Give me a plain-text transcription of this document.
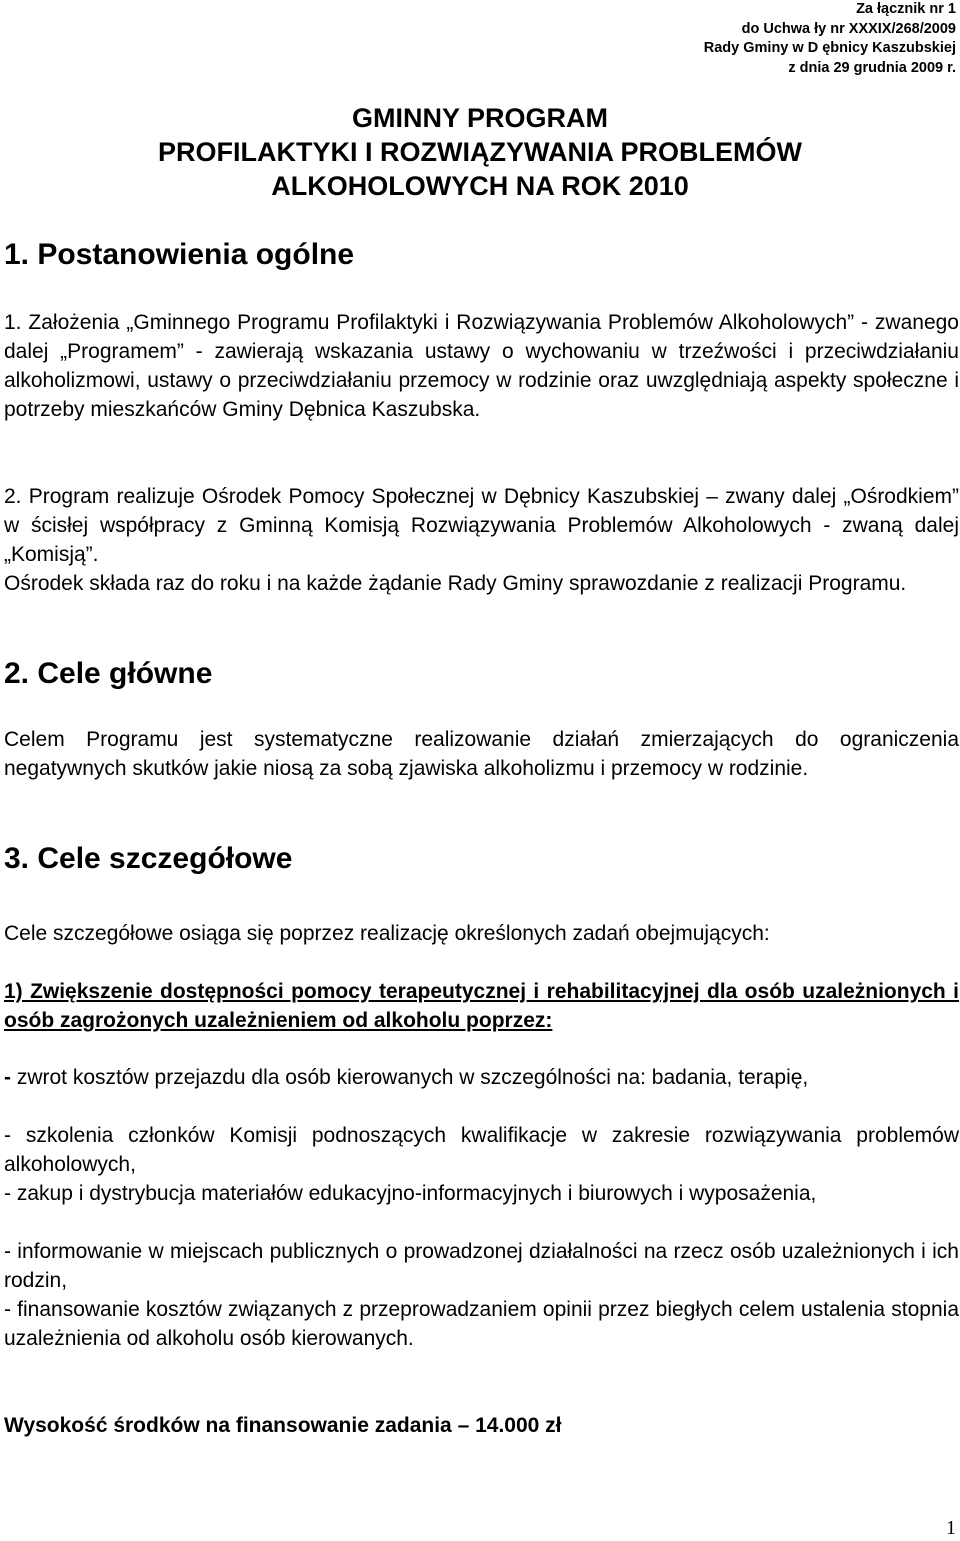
Za łącznik nr 1
do Uchwa ły nr XXXIX/268/2009
Rady Gminy w D ębnicy Kaszubskiej
z dnia 29 grudnia 2009 r.
GMINNY PROGRAM
PROFILAKTYKI I ROZWIĄZYWANIA PROBLEMÓW
ALKOHOLOWYCH NA ROK 2010
1. Postanowienia ogólne

1. Założenia „Gminnego Programu Profilaktyki i Rozwiązywania Problemów Alkoholowych” - zwanego dalej „Programem” - zawierają wskazania ustawy o wychowaniu w trzeźwości i przeciwdziałaniu alkoholizmowi, ustawy o przeciwdziałaniu przemocy w rodzinie oraz uwzględniają aspekty społeczne i potrzeby mieszkańców Gminy Dębnica Kaszubska.

2. Program realizuje Ośrodek Pomocy Społecznej w Dębnicy Kaszubskiej – zwany dalej „Ośrodkiem” w ścisłej współpracy z Gminną Komisją Rozwiązywania Problemów Alkoholowych - zwaną dalej „Komisją”.

Ośrodek składa raz do roku i na każde żądanie Rady Gminy sprawozdanie z realizacji Programu.

2. Cele główne

Celem Programu jest systematyczne realizowanie działań zmierzających do ograniczenia negatywnych skutków jakie niosą za sobą zjawiska alkoholizmu i przemocy w rodzinie.

3. Cele szczegółowe

Cele szczegółowe osiąga się poprzez realizację określonych zadań obejmujących:

1) Zwiększenie dostępności pomocy terapeutycznej i rehabilitacyjnej dla osób uzależnionych i osób zagrożonych uzależnieniem od alkoholu poprzez:

- zwrot kosztów przejazdu dla osób kierowanych w szczególności na: badania, terapię,

- szkolenia członków Komisji podnoszących kwalifikacje w zakresie rozwiązywania problemów alkoholowych,

- zakup i dystrybucja materiałów edukacyjno-informacyjnych i biurowych i wyposażenia,

- informowanie w miejscach publicznych o prowadzonej działalności na rzecz osób uzależnionych i ich rodzin,

- finansowanie kosztów związanych z przeprowadzaniem opinii przez biegłych celem ustalenia stopnia uzależnienia od alkoholu osób kierowanych.

Wysokość środków na finansowanie zadania – 14.000 zł

1
